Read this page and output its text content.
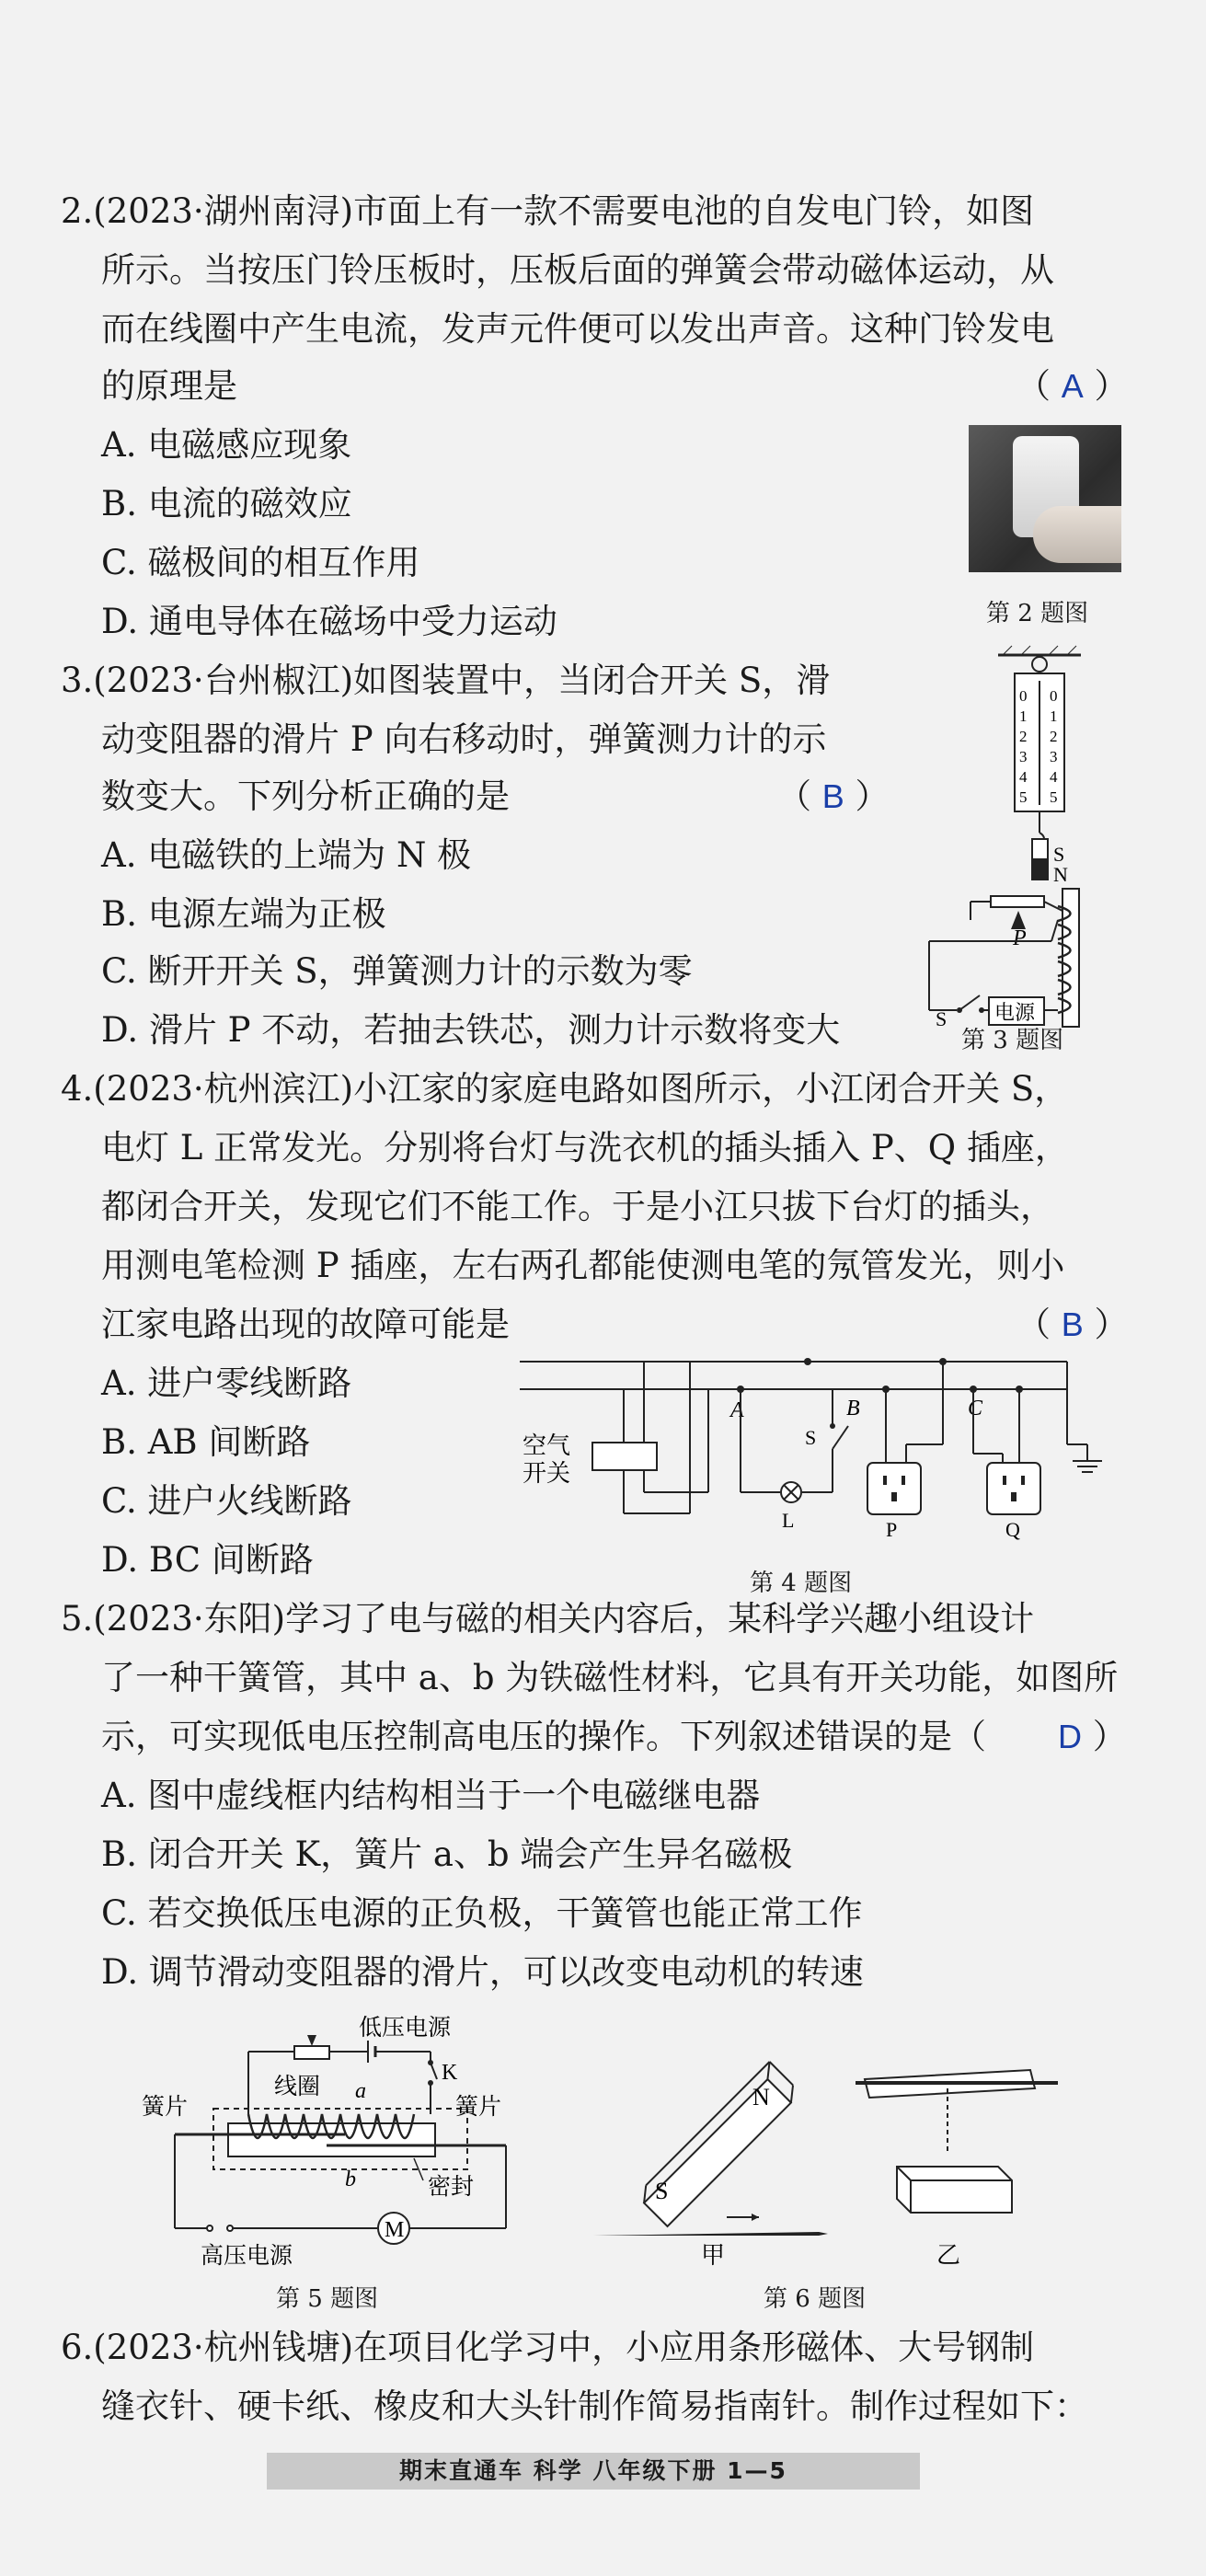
2.(2023·湖州南浔)市面上有一款不需要电池的自发电门铃，如图
所示。当按压门铃压板时，压板后面的弹簧会带动磁体运动，从
而在线圈中产生电流，发声元件便可以发出声音。这种门铃发电
的原理是	（ A ）
A. 电磁感应现象
B. 电流的磁效应
C. 磁极间的相互作用
D. 通电导体在磁场中受力运动	第 2 题图
3.(2023·台州椒江)如图装置中，当闭合开关 S，滑
动变阻器的滑片 P 向右移动时，弹簧测力计的示
数变大。下列分析正确的是	（ B ）
A. 电磁铁的上端为 N 极
B. 电源左端为正极
C. 断开开关 S，弹簧测力计的示数为零
D. 滑片 P 不动，若抽去铁芯，测力计示数将变大
0
1
2
3
4
5
0
1
2
3
4
5
S
N
P
S 电源
第 3 题图
4.(2023·杭州滨江)小江家的家庭电路如图所示，小江闭合开关 S，
电灯 L 正常发光。分别将台灯与洗衣机的插头插入 P、Q 插座，
都闭合开关，发现它们不能工作。于是小江只拔下台灯的插头，
用测电笔检测 P 插座，左右两孔都能使测电笔的氖管发光，则小
江家电路出现的故障可能是	（ B ）
A. 进户零线断路
B. AB 间断路
C. 进户火线断路
D. BC 间断路
空气
开关
A	B	C
L
S
P	Q
第 4 题图
5.(2023·东阳)学习了电与磁的相关内容后，某科学兴趣小组设计
了一种干簧管，其中 a、b 为铁磁性材料，它具有开关功能，如图所
示，可实现低电压控制高电压的操作。下列叙述错误的是（ D ）
A. 图中虚线框内结构相当于一个电磁继电器
B. 闭合开关 K，簧片 a、b 端会产生异名磁极
C. 若交换低压电源的正负极，干簧管也能正常工作
D. 调节滑动变阻器的滑片，可以改变电动机的转速
低压电源
K
线圈 a
簧片	簧片
b	密封
M
高压电源
第 5 题图
S
N
甲	乙
第 6 题图
6.(2023·杭州钱塘)在项目化学习中，小应用条形磁体、大号钢制
缝衣针、硬卡纸、橡皮和大头针制作简易指南针。制作过程如下：
期末直通车 科学 八年级下册 1—5
